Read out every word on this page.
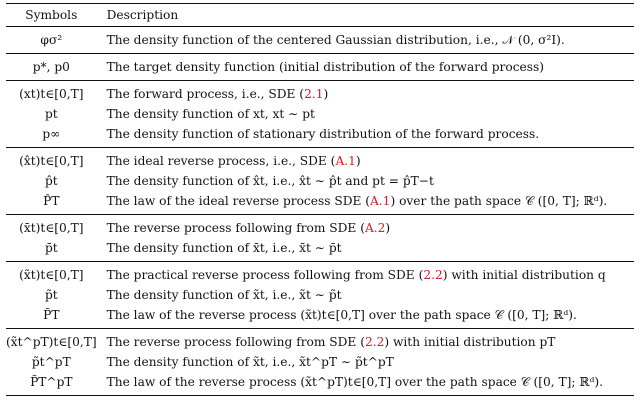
Symbols	Description
φσ²	The density function of the centered Gaussian distribution, i.e., 𝒩 (0, σ²I).
p*, p0	The target density function (initial distribution of the forward process)
(xt)t∈[0,T]	The forward process, i.e., SDE (2.1)
pt	The density function of xt, xt ∼ pt
p∞	The density function of stationary distribution of the forward process.
(x̂t)t∈[0,T]	The ideal reverse process, i.e., SDE (A.1)
p̂t	The density function of x̂t, i.e., x̂t ∼ p̂t and pt = p̂T−t
P̂T	The law of the ideal reverse process SDE (A.1) over the path space 𝒞 ([0, T]; ℝᵈ).
(x̄t)t∈[0,T]	The reverse process following from SDE (A.2)
p̄t	The density function of x̄t, i.e., x̄t ∼ p̄t
(x̃t)t∈[0,T]	The practical reverse process following from SDE (2.2) with initial distribution q
p̃t	The density function of x̃t, i.e., x̃t ∼ p̃t
P̃T	The law of the reverse process (x̃t)t∈[0,T] over the path space 𝒞 ([0, T]; ℝᵈ).
(x̃t^pT)t∈[0,T]	The reverse process following from SDE (2.2) with initial distribution pT
p̃t^pT	The density function of x̃t, i.e., x̃t^pT ∼ p̃t^pT
P̃T^pT	The law of the reverse process (x̃t^pT)t∈[0,T] over the path space 𝒞 ([0, T]; ℝᵈ).
